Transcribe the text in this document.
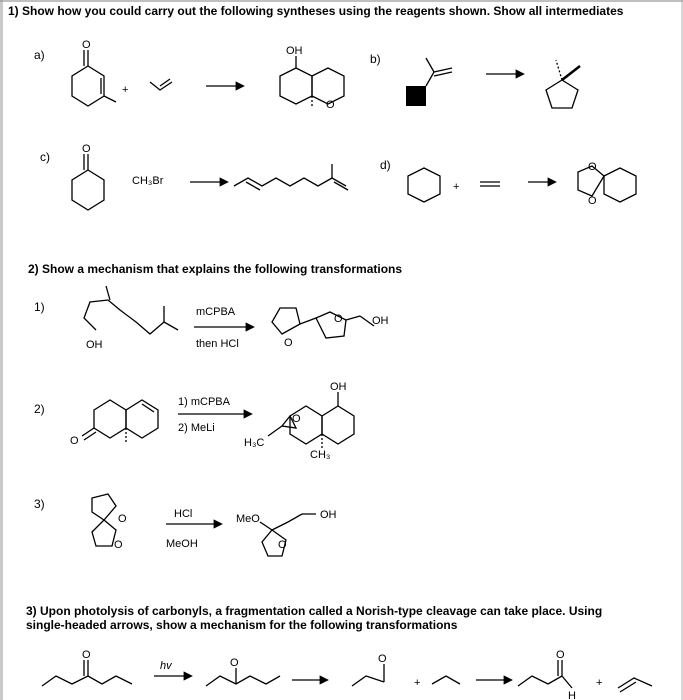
1) Show how you could carry out the following syntheses using the reagents shown. Show all intermediates
a)	b)
c)
d)
CH₃Br
2) Show a mechanism that explains the following transformations
1)
2)
3)
mCPBA
then HCl
1) mCPBA
2) MeLi
HCl
MeOH
3) Upon photolysis of carbonyls, a fragmentation called a Norish-type cleavage can take place. Using
single-headed arrows, show a mechanism for the following transformations
hv
O
+
OH
O
O
+
O
O
OH	O
O	OH
O
OH
O
H₃C
CH₃
O
O
MeO
O
OH
O
O	O
+
O
H
+
